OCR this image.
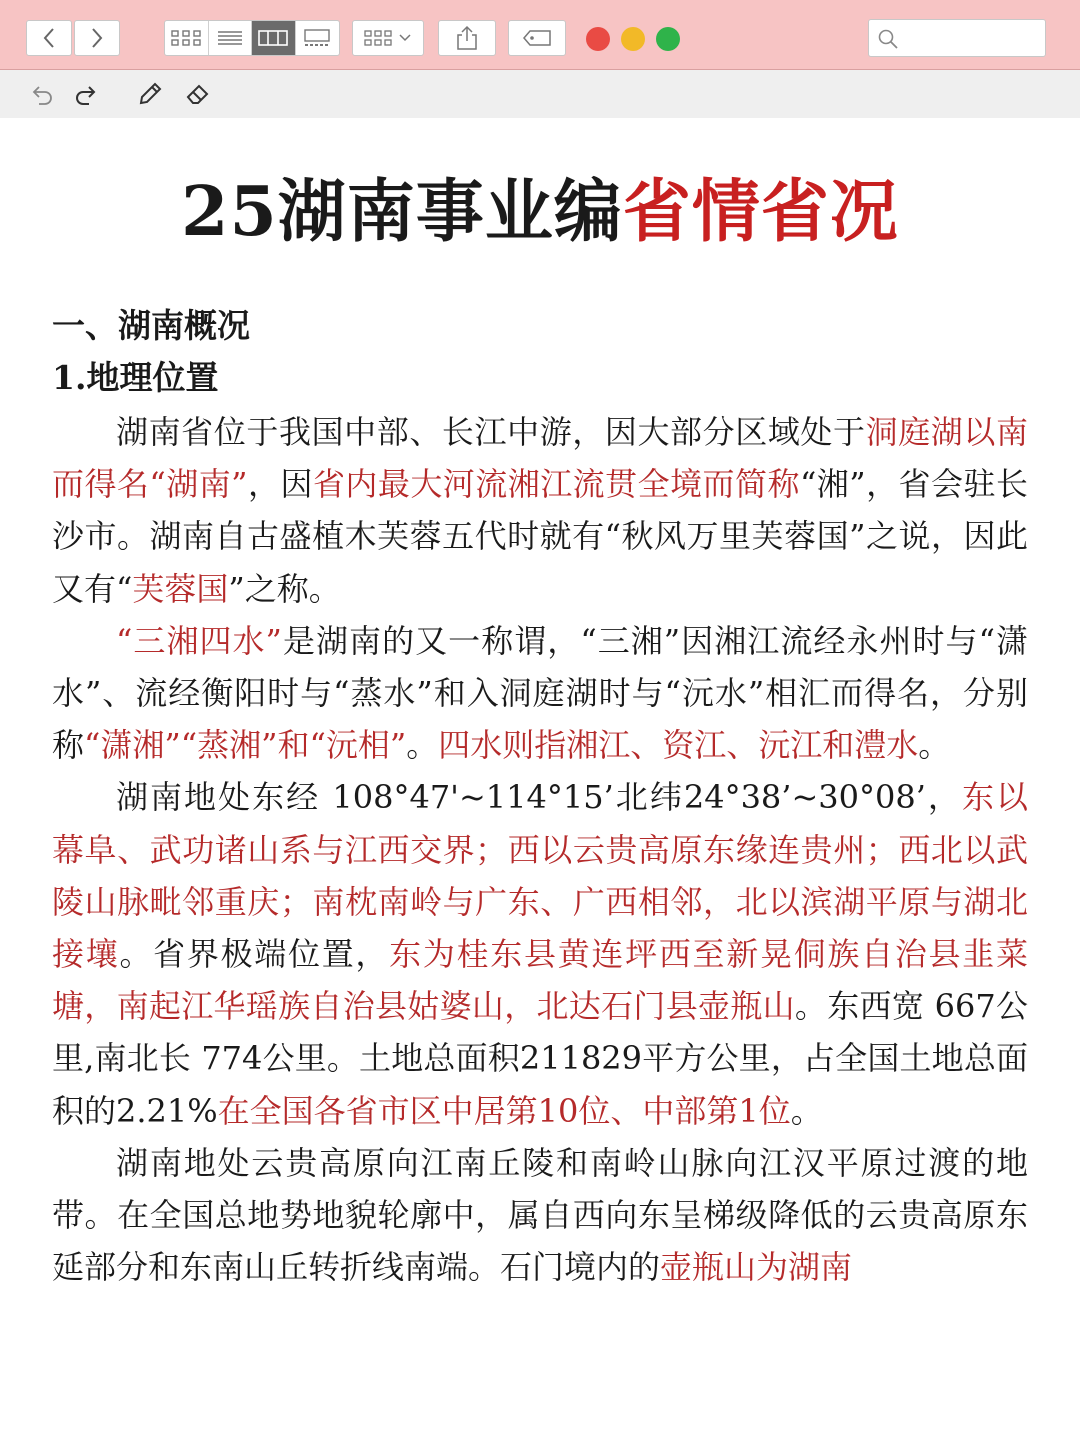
25湖南事业编省情省况
一、湖南概况
1.地理位置

湖南省位于我国中部、长江中游，因大部分区域处于洞庭湖以南而得名“湖南”，因省内最大河流湘江流贯全境而简称“湘”，省会驻长沙市。湖南自古盛植木芙蓉五代时就有“秋风万里芙蓉国”之说，因此又有“芙蓉国”之称。

“三湘四水”是湖南的又一称谓，“三湘”因湘江流经永州时与“潇水”、流经衡阳时与“蒸水”和入洞庭湖时与“沅水”相汇而得名，分别称“潇湘”“蒸湘”和“沅相”。四水则指湘江、资江、沅江和澧水。

湖南地处东经 108°47'~114°15’北纬24°38’~30°08’，东以幕阜、武功诸山系与江西交界；西以云贵高原东缘连贵州；西北以武陵山脉毗邻重庆；南枕南岭与广东、广西相邻，北以滨湖平原与湖北接壤。省界极端位置，东为桂东县黄连坪西至新晃侗族自治县韭菜塘，南起江华瑶族自治县姑婆山，北达石门县壶瓶山。东西宽 667公里,南北长 774公里。土地总面积211829平方公里，占全国土地总面积的2.21%在全国各省市区中居第10位、中部第1位。

湖南地处云贵高原向江南丘陵和南岭山脉向江汉平原过渡的地带。在全国总地势地貌轮廓中，属自西向东呈梯级降低的云贵高原东延部分和东南山丘转折线南端。石门境内的壶瓶山为湖南
